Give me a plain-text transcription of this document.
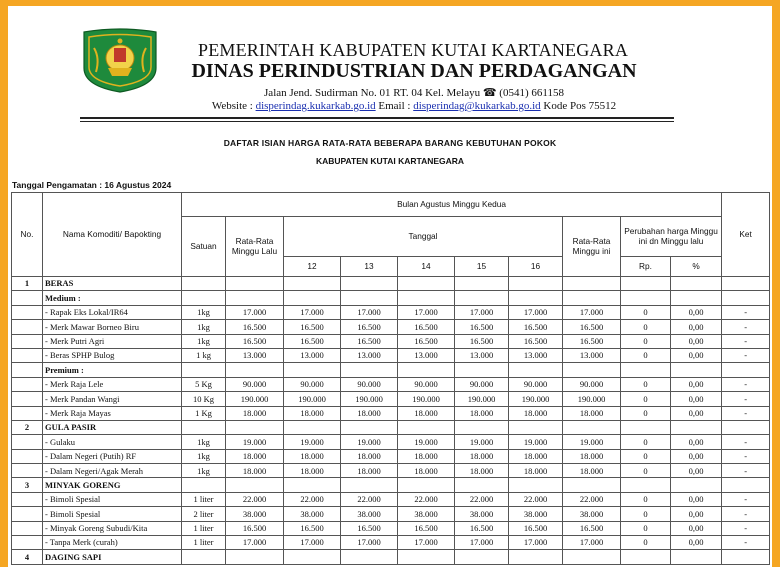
PEMERINTAH KABUPATEN KUTAI KARTANEGARA
DINAS PERINDUSTRIAN DAN PERDAGANGAN
Jalan Jend. Sudirman No. 01 RT. 04 Kel. Melayu ☎ (0541) 661158
Website : disperindag.kukarkab.go.id Email : disperindag@kukarkab.go.id Kode Pos 75512
DAFTAR ISIAN HARGA RATA-RATA BEBERAPA BARANG KEBUTUHAN POKOK
KABUPATEN KUTAI KARTANEGARA
Tanggal Pengamatan : 16 Agustus 2024
No.	Nama Komoditi/ Bapokting	Bulan Agustus Minggu Kedua										Ket
		Satuan	Rata-Rata Minggu Lalu	Tanggal					Rata-Rata Minggu ini	Perubahan harga Minggu ini dn Minggu lalu		
				12	13	14	15	16		Rp.	%	
1	BERAS											
	Medium :											
	- Rapak Eks Lokal/IR64	1kg	17.000	17.000	17.000	17.000	17.000	17.000	17.000	0	0,00	-
	- Merk Mawar Borneo Biru	1kg	16.500	16.500	16.500	16.500	16.500	16.500	16.500	0	0,00	-
	- Merk Putri Agri	1kg	16.500	16.500	16.500	16.500	16.500	16.500	16.500	0	0,00	-
	- Beras SPHP Bulog	1 kg	13.000	13.000	13.000	13.000	13.000	13.000	13.000	0	0,00	-
	Premium :											
	- Merk Raja Lele	5 Kg	90.000	90.000	90.000	90.000	90.000	90.000	90.000	0	0,00	-
	- Merk Pandan Wangi	10 Kg	190.000	190.000	190.000	190.000	190.000	190.000	190.000	0	0,00	-
	- Merk Raja Mayas	1 Kg	18.000	18.000	18.000	18.000	18.000	18.000	18.000	0	0,00	-
2	GULA PASIR											
	- Gulaku	1kg	19.000	19.000	19.000	19.000	19.000	19.000	19.000	0	0,00	-
	- Dalam Negeri (Putih) RF	1kg	18.000	18.000	18.000	18.000	18.000	18.000	18.000	0	0,00	-
	- Dalam Negeri/Agak Merah	1kg	18.000	18.000	18.000	18.000	18.000	18.000	18.000	0	0,00	-
3	MINYAK GORENG											
	- Bimoli Spesial	1 liter	22.000	22.000	22.000	22.000	22.000	22.000	22.000	0	0,00	-
	- Bimoli Spesial	2 liter	38.000	38.000	38.000	38.000	38.000	38.000	38.000	0	0,00	-
	- Minyak Goreng Subudi/Kita	1 liter	16.500	16.500	16.500	16.500	16.500	16.500	16.500	0	0,00	-
	- Tanpa Merk (curah)	1 liter	17.000	17.000	17.000	17.000	17.000	17.000	17.000	0	0,00	-
4	DAGING SAPI											
